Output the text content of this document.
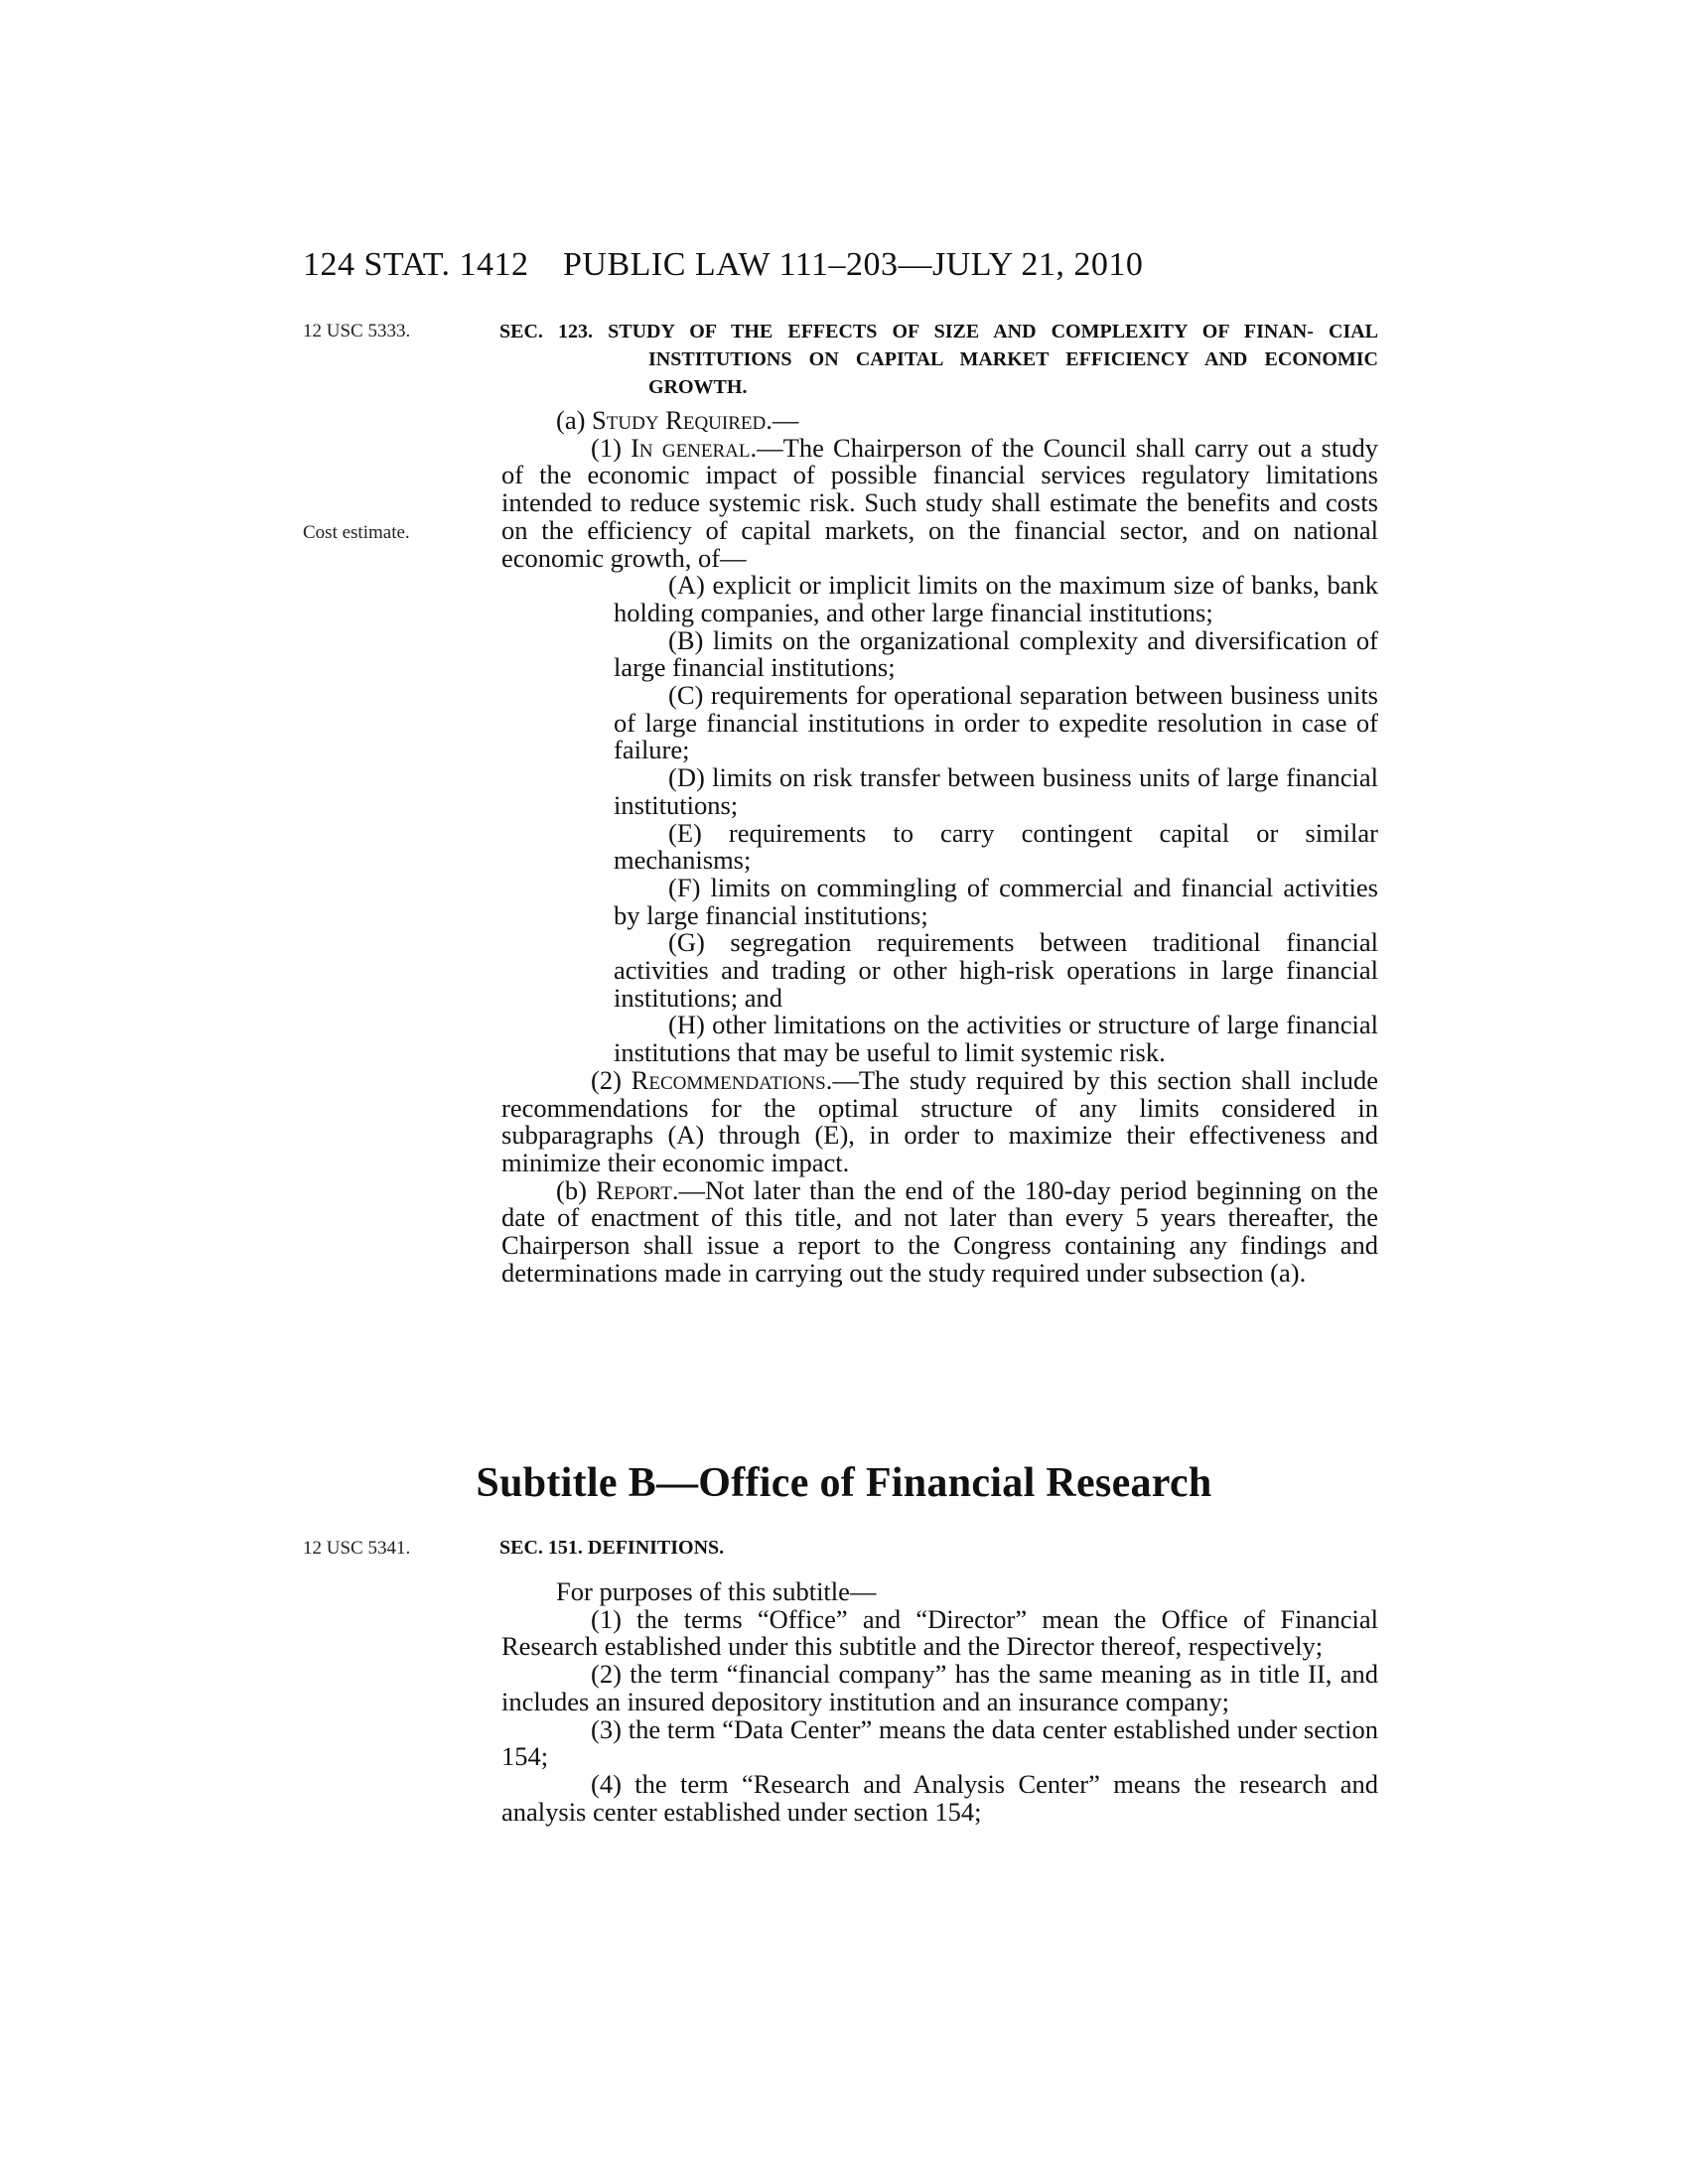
124 STAT. 1412 PUBLIC LAW 111–203—JULY 21, 2010
12 USC 5333.
Cost estimate.
12 USC 5341.
SEC. 123. STUDY OF THE EFFECTS OF SIZE AND COMPLEXITY OF FINAN- CIAL INSTITUTIONS ON CAPITAL MARKET EFFICIENCY AND ECONOMIC GROWTH.

(a) Study Required.—

(1) In general.—The Chairperson of the Council shall carry out a study of the economic impact of possible financial services regulatory limitations intended to reduce systemic risk. Such study shall estimate the benefits and costs on the efficiency of capital markets, on the financial sector, and on national economic growth, of—

(A) explicit or implicit limits on the maximum size of banks, bank holding companies, and other large financial institutions;

(B) limits on the organizational complexity and diversification of large financial institutions;

(C) requirements for operational separation between business units of large financial institutions in order to expedite resolution in case of failure;

(D) limits on risk transfer between business units of large financial institutions;

(E) requirements to carry contingent capital or similar mechanisms;

(F) limits on commingling of commercial and financial activities by large financial institutions;

(G) segregation requirements between traditional financial activities and trading or other high-risk operations in large financial institutions; and

(H) other limitations on the activities or structure of large financial institutions that may be useful to limit systemic risk.

(2) Recommendations.—The study required by this section shall include recommendations for the optimal structure of any limits considered in subparagraphs (A) through (E), in order to maximize their effectiveness and minimize their economic impact.

(b) Report.—Not later than the end of the 180-day period beginning on the date of enactment of this title, and not later than every 5 years thereafter, the Chairperson shall issue a report to the Congress containing any findings and determinations made in carrying out the study required under subsection (a).

Subtitle B—Office of Financial Research
SEC. 151. DEFINITIONS.

For purposes of this subtitle—

(1) the terms “Office” and “Director” mean the Office of Financial Research established under this subtitle and the Director thereof, respectively;

(2) the term “financial company” has the same meaning as in title II, and includes an insured depository institution and an insurance company;

(3) the term “Data Center” means the data center established under section 154;

(4) the term “Research and Analysis Center” means the research and analysis center established under section 154;
